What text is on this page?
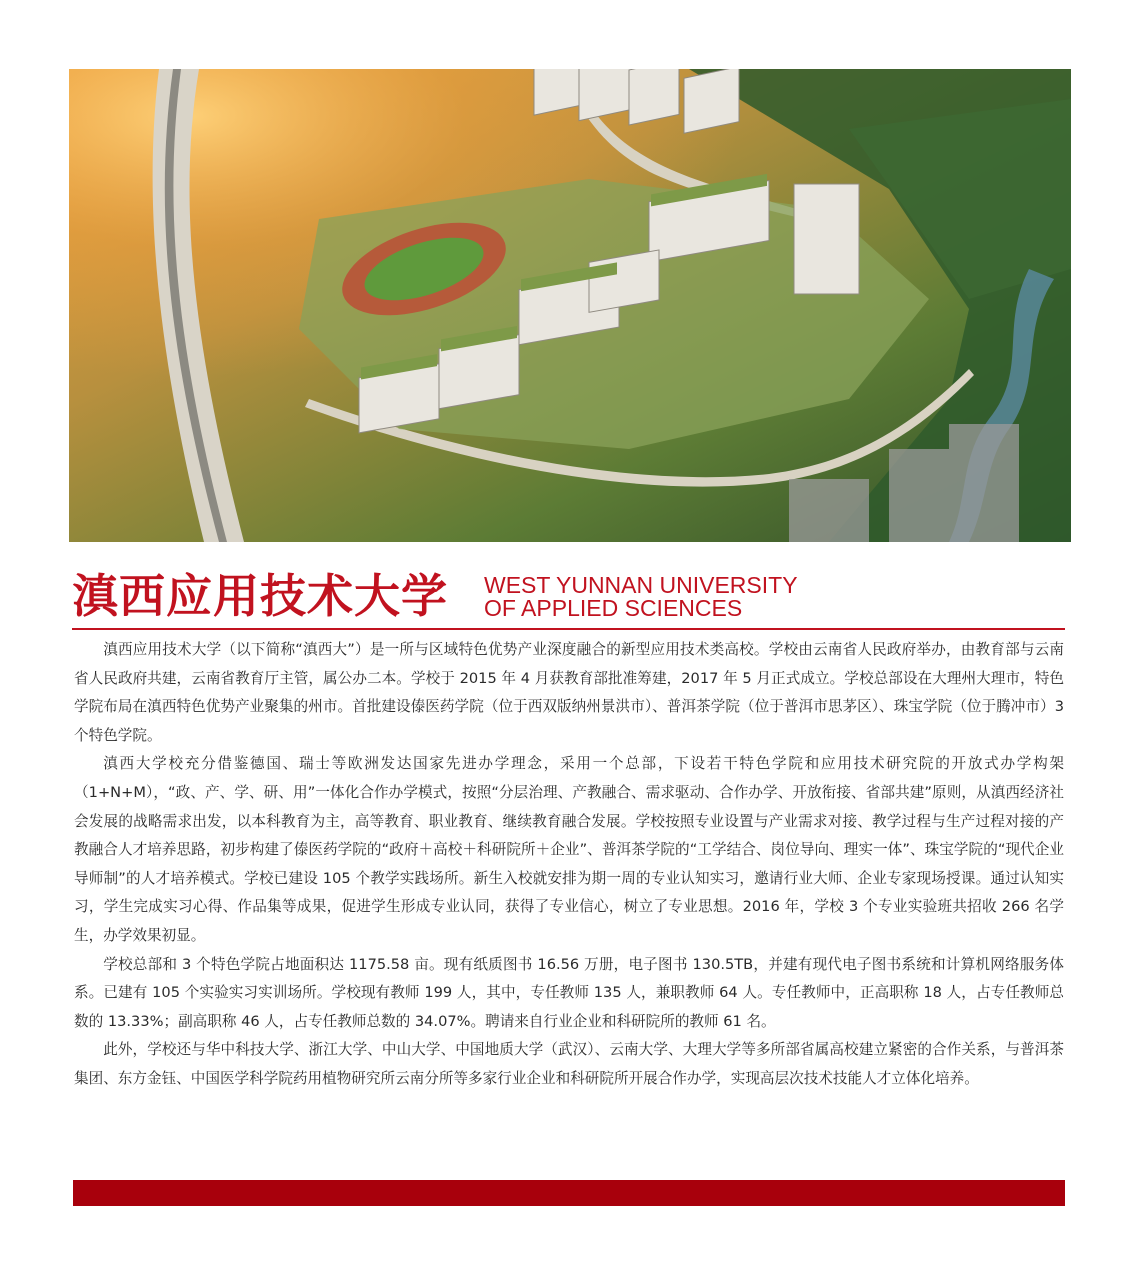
滇西应用技术大学 WEST YUNNAN UNIVERSITY
OF APPLIED SCIENCES

滇西应用技术大学（以下简称“滇西大”）是一所与区域特色优势产业深度融合的新型应用技术类高校。学校由云南省人民政府举办，由教育部与云南省人民政府共建，云南省教育厅主管，属公办二本。学校于 2015 年 4 月获教育部批准筹建，2017 年 5 月正式成立。学校总部设在大理州大理市，特色学院布局在滇西特色优势产业聚集的州市。首批建设傣医药学院（位于西双版纳州景洪市）、普洱茶学院（位于普洱市思茅区）、珠宝学院（位于腾冲市）3 个特色学院。

滇西大学校充分借鉴德国、瑞士等欧洲发达国家先进办学理念，采用一个总部，下设若干特色学院和应用技术研究院的开放式办学构架（1+N+M），“政、产、学、研、用”一体化合作办学模式，按照“分层治理、产教融合、需求驱动、合作办学、开放衔接、省部共建”原则，从滇西经济社会发展的战略需求出发，以本科教育为主，高等教育、职业教育、继续教育融合发展。学校按照专业设置与产业需求对接、教学过程与生产过程对接的产教融合人才培养思路，初步构建了傣医药学院的“政府＋高校＋科研院所＋企业”、普洱茶学院的“工学结合、岗位导向、理实一体”、珠宝学院的“现代企业导师制”的人才培养模式。学校已建设 105 个教学实践场所。新生入校就安排为期一周的专业认知实习，邀请行业大师、企业专家现场授课。通过认知实习，学生完成实习心得、作品集等成果，促进学生形成专业认同，获得了专业信心，树立了专业思想。2016 年，学校 3 个专业实验班共招收 266 名学生，办学效果初显。

学校总部和 3 个特色学院占地面积达 1175.58 亩。现有纸质图书 16.56 万册，电子图书 130.5TB，并建有现代电子图书系统和计算机网络服务体系。已建有 105 个实验实习实训场所。学校现有教师 199 人，其中，专任教师 135 人，兼职教师 64 人。专任教师中，正高职称 18 人，占专任教师总数的 13.33%；副高职称 46 人，占专任教师总数的 34.07%。聘请来自行业企业和科研院所的教师 61 名。

此外，学校还与华中科技大学、浙江大学、中山大学、中国地质大学（武汉）、云南大学、大理大学等多所部省属高校建立紧密的合作关系，与普洱茶集团、东方金钰、中国医学科学院药用植物研究所云南分所等多家行业企业和科研院所开展合作办学，实现高层次技术技能人才立体化培养。
